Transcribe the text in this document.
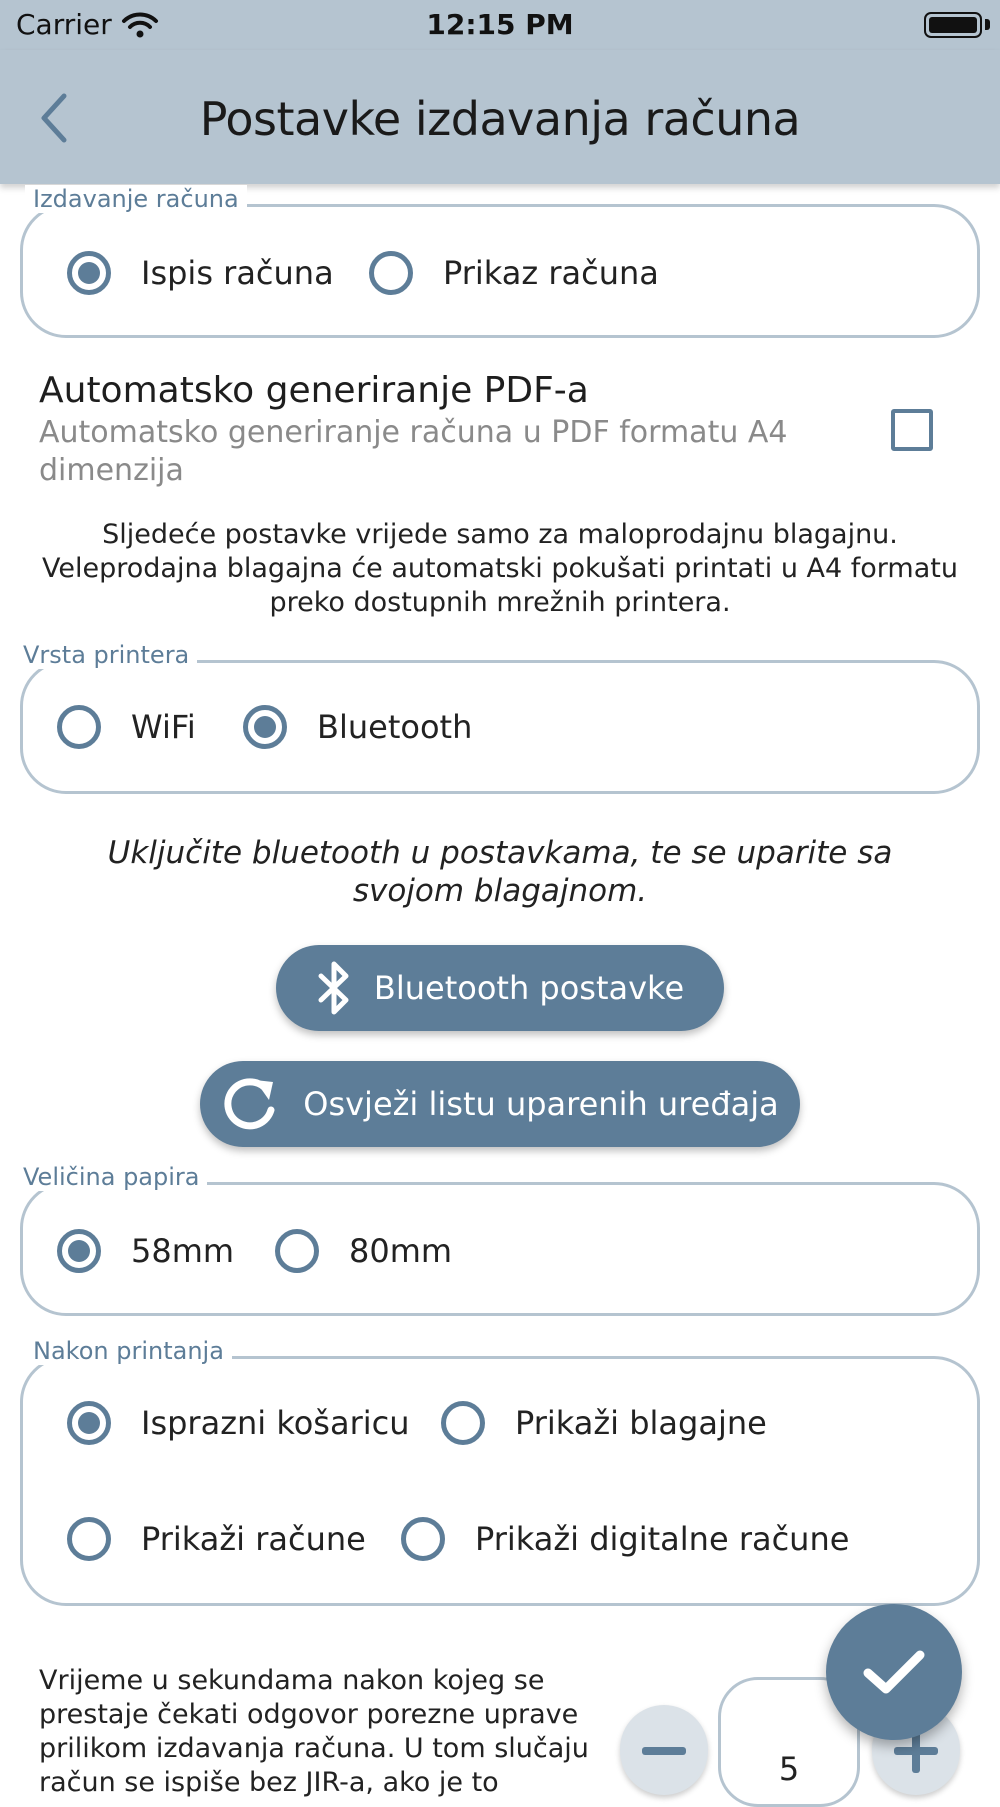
Carrier	12:15 PM
Postavke izdavanja računa
Izdavanje računa
Ispis računa	Prikaz računa
Automatsko generiranje PDF-a
Automatsko generiranje računa u PDF formatu A4 dimenzija
Sljedeće postavke vrijede samo za maloprodajnu blagajnu. Veleprodajna blagajna će automatski pokušati printati u A4 formatu preko dostupnih mrežnih printera.
Vrsta printera
WiFi	Bluetooth
Uključite bluetooth u postavkama, te se uparite sa svojom blagajnom.
Bluetooth postavke
Osvježi listu uparenih uređaja
Veličina papira
58mm	80mm
Nakon printanja
Isprazni košaricu	Prikaži blagajne
Prikaži račune	Prikaži digitalne račune
Vrijeme u sekundama nakon kojeg se prestaje čekati odgovor porezne uprave prilikom izdavanja računa. U tom slučaju račun se ispiše bez JIR-a, ako je to	5
